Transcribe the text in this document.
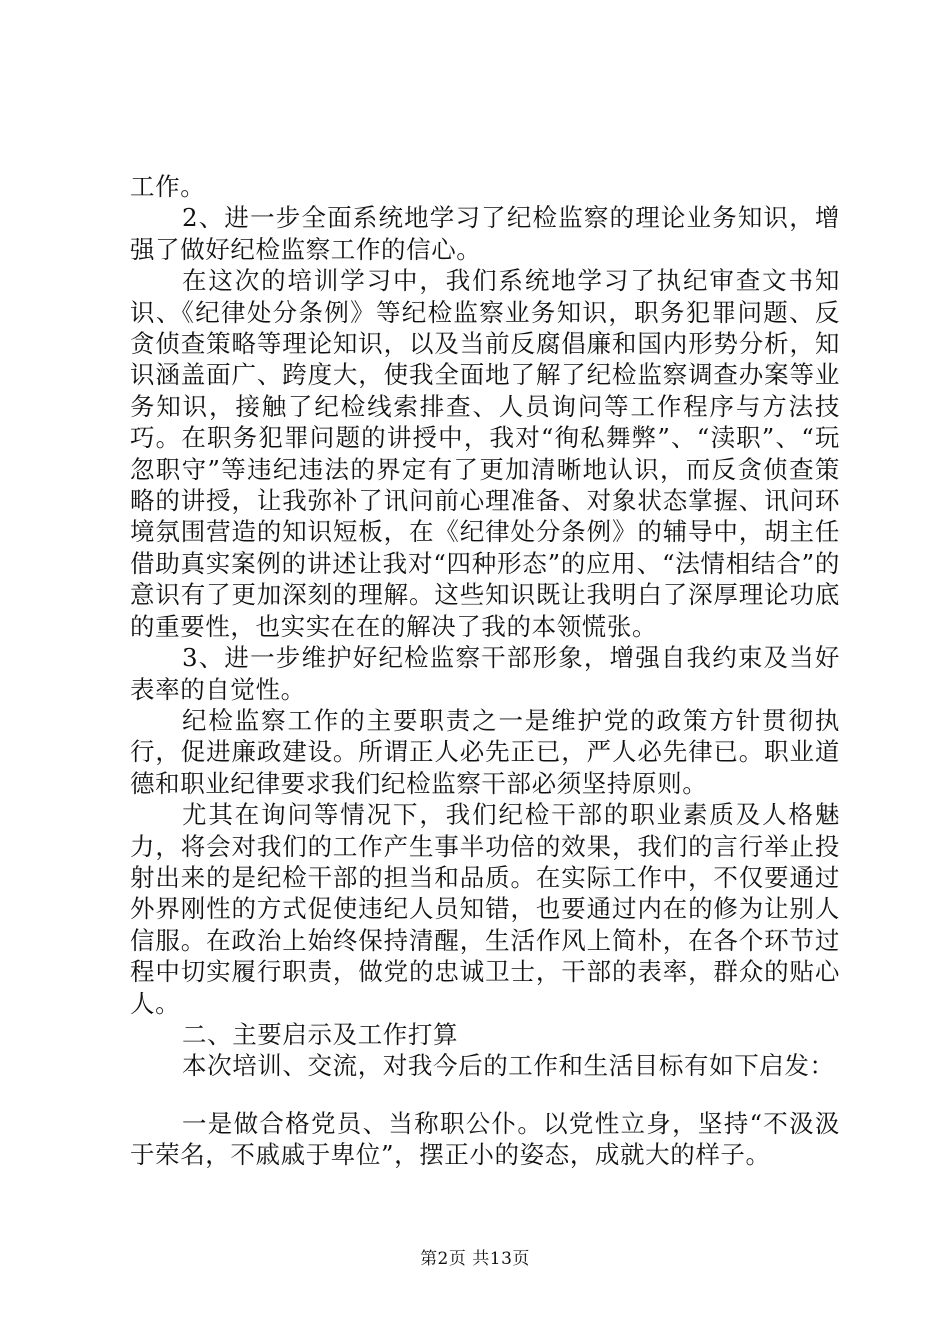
工作。

2、进一步全面系统地学习了纪检监察的理论业务知识，增强了做好纪检监察工作的信心。

在这次的培训学习中，我们系统地学习了执纪审查文书知识、《纪律处分条例》等纪检监察业务知识，职务犯罪问题、反贪侦查策略等理论知识，以及当前反腐倡廉和国内形势分析，知识涵盖面广、跨度大，使我全面地了解了纪检监察调查办案等业务知识，接触了纪检线索排查、人员询问等工作程序与方法技巧。在职务犯罪问题的讲授中，我对“徇私舞弊”、“渎职”、“玩忽职守”等违纪违法的界定有了更加清晰地认识，而反贪侦查策略的讲授，让我弥补了讯问前心理准备、对象状态掌握、讯问环境氛围营造的知识短板，在《纪律处分条例》的辅导中，胡主任借助真实案例的讲述让我对“四种形态”的应用、“法情相结合”的意识有了更加深刻的理解。这些知识既让我明白了深厚理论功底的重要性，也实实在在的解决了我的本领慌张。

3、进一步维护好纪检监察干部形象，增强自我约束及当好表率的自觉性。

纪检监察工作的主要职责之一是维护党的政策方针贯彻执行，促进廉政建设。所谓正人必先正已，严人必先律已。职业道德和职业纪律要求我们纪检监察干部必须坚持原则。

尤其在询问等情况下，我们纪检干部的职业素质及人格魅力，将会对我们的工作产生事半功倍的效果，我们的言行举止投射出来的是纪检干部的担当和品质。在实际工作中，不仅要通过外界刚性的方式促使违纪人员知错，也要通过内在的修为让别人信服。在政治上始终保持清醒，生活作风上简朴，在各个环节过程中切实履行职责，做党的忠诚卫士，干部的表率，群众的贴心人。

二、主要启示及工作打算

本次培训、交流，对我今后的工作和生活目标有如下启发：

一是做合格党员、当称职公仆。以党性立身，坚持“不汲汲于荣名，不戚戚于卑位”，摆正小的姿态，成就大的样子。

第2页 共13页
